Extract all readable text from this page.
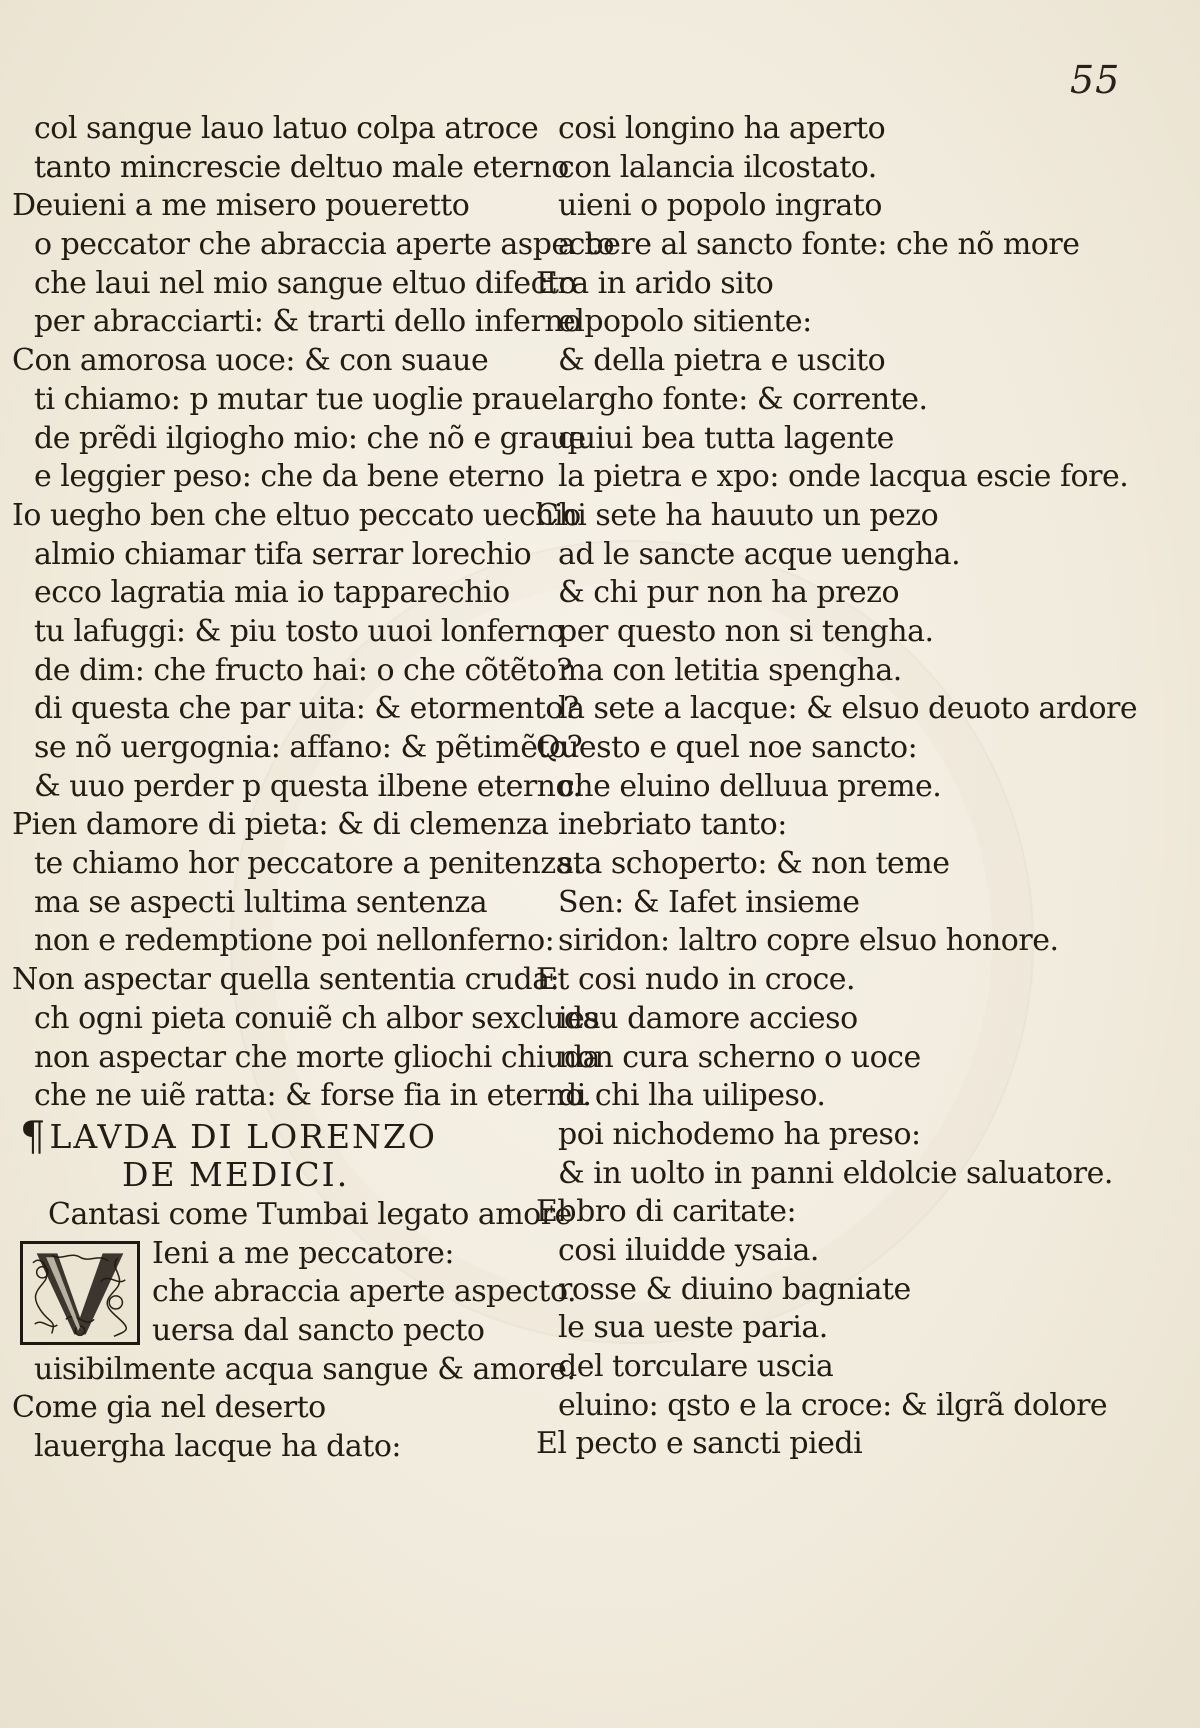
55
col sangue lauo latuo colpa atroce
tanto mincrescie deltuo male eterno
Deuieni a me misero poueretto
o peccator che abraccia aperte aspecto
che laui nel mio sangue eltuo difecto
per abracciarti: & trarti dello inferno
Con amorosa uoce: & con suaue
ti chiamo: p mutar tue uoglie praue
de prẽdi ilgiogho mio: che nõ e graue
e leggier peso: che da bene eterno
Io uegho ben che eltuo peccato uechio
almio chiamar tifa serrar lorechio
ecco lagratia mia io tapparechio
tu lafuggi: & piu tosto uuoi lonferno
de dim: che fructo hai: o che cõtẽto?
di questa che par uita: & etormento?
se nõ uergognia: affano: & pẽtimẽto?
& uuo perder p questa ilbene eterno.
Pien damore di pieta: & di clemenza
te chiamo hor peccatore a penitenza.
ma se aspecti lultima sentenza
non e redemptione poi nellonferno:
Non aspectar quella sententia cruda:
ch ogni pieta conuiẽ ch albor sexcluda
non aspectar che morte gliochi chiuda
che ne uiẽ ratta: & forse fia in eterno.
¶LAVDA DI LORENZO
DE MEDICI.
Cantasi come Tumbai legato amore
Ieni a me peccatore:
che abraccia aperte aspecto.
uersa dal sancto pecto
uisibilmente acqua sangue & amore.
Come gia nel deserto
lauergha lacque ha dato:
cosi longino ha aperto
con lalancia ilcostato.
uieni o popolo ingrato
a bere al sancto fonte: che nõ more
Era in arido sito
elpopolo sitiente:
& della pietra e uscito
largho fonte: & corrente.
quiui bea tutta lagente
la pietra e xpo: onde lacqua escie fore.
Chi sete ha hauuto un pezo
ad le sancte acque uengha.
& chi pur non ha prezo
per questo non si tengha.
ma con letitia spengha.
la sete a lacque: & elsuo deuoto ardore
Questo e quel noe sancto:
che eluino delluua preme.
inebriato tanto:
sta schoperto: & non teme
Sen: & Iafet insieme
siridon: laltro copre elsuo honore.
Et cosi nudo in croce.
iesu damore accieso
non cura scherno o uoce
di chi lha uilipeso.
poi nichodemo ha preso:
& in uolto in panni eldolcie saluatore.
Ebbro di caritate:
cosi iluidde ysaia.
rosse & diuino bagniate
le sua ueste paria.
del torculare uscia
eluino: qsto e la croce: & ilgrã dolore
El pecto e sancti piedi
